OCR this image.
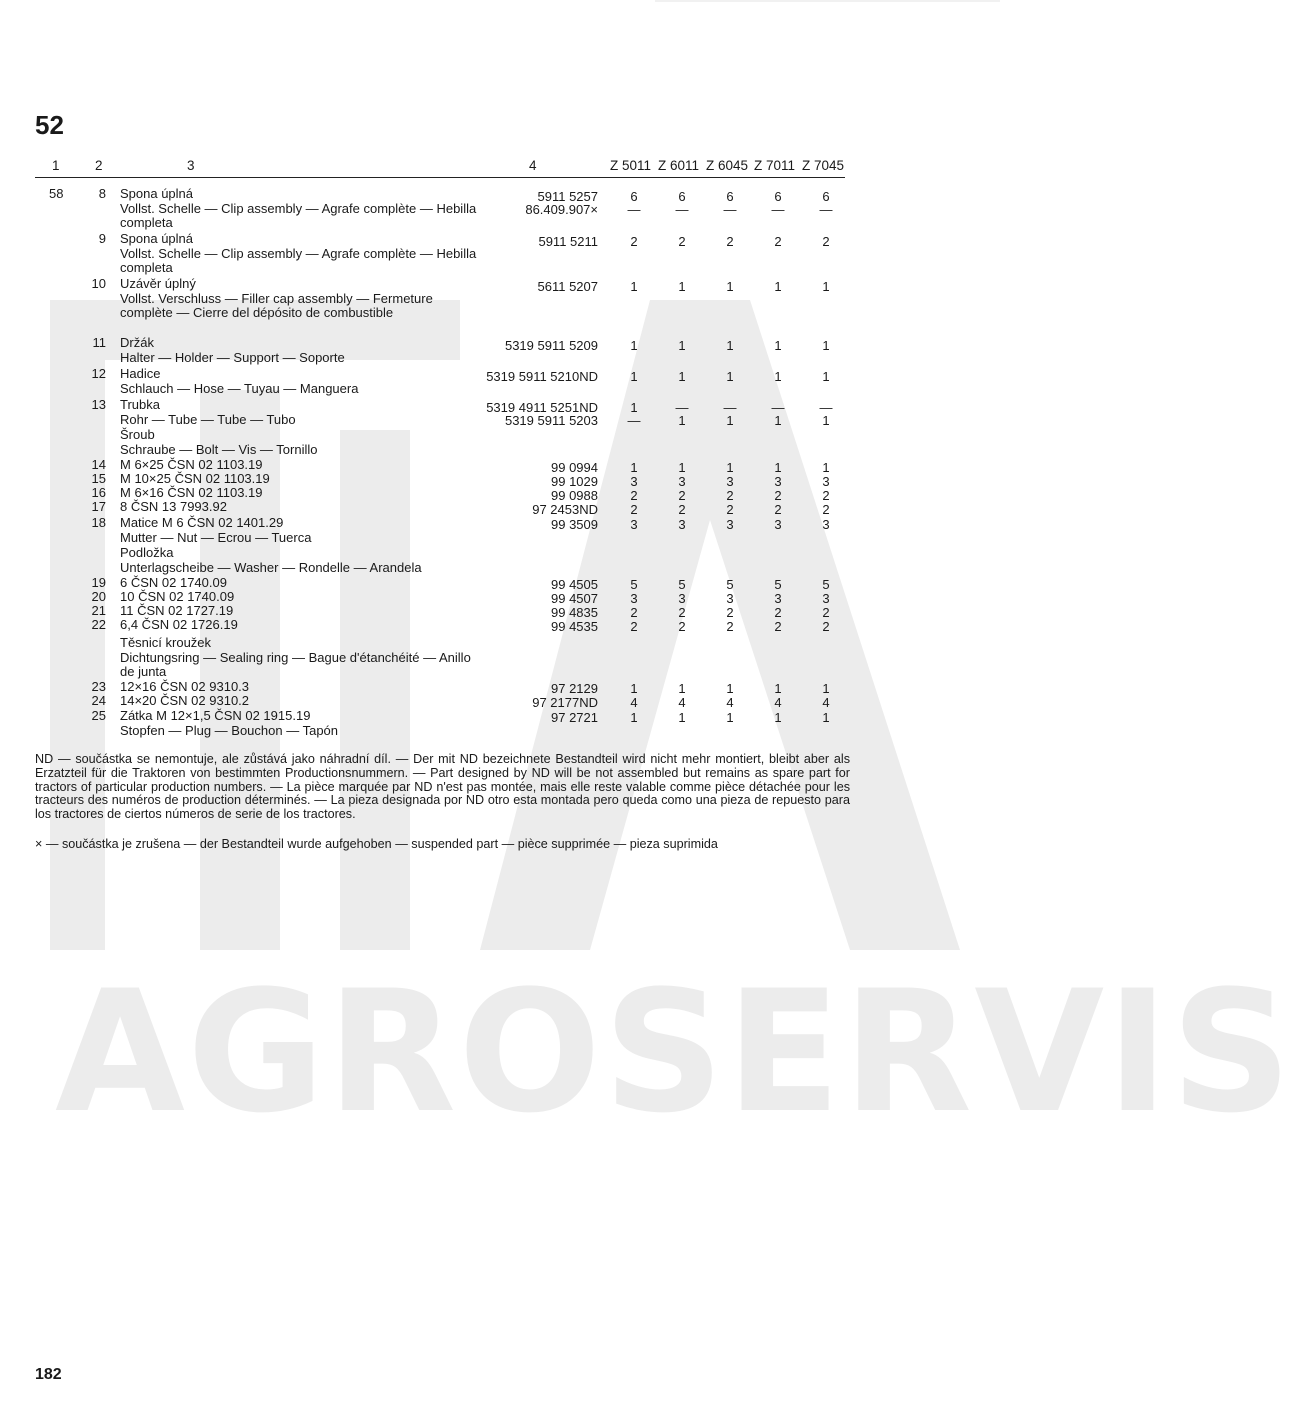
AGROSERVIS
52
1	2	3	4	Z 5011 Z 6011 Z 6045 Z 7011 Z 7045
58	8 Spona úplná
Vollst. Schelle — Clip assembly — Agrafe complète — Hebilla completa
5911 5257	6	6	6	6	6
86.409.907×	—	—	—	—	—
9 Spona úplná
Vollst. Schelle — Clip assembly — Agrafe complète — Hebilla completa
5911 5211	2	2	2	2	2
10 Uzávěr úplný
Vollst. Verschluss — Filler cap assembly — Fermeture complète — Cierre del dépósito de combustible
5611 5207	1	1	1	1	1
11 Držák
Halter — Holder — Support — Soporte
5319 5911 5209	1	1	1	1	1
12 Hadice
Schlauch — Hose — Tuyau — Manguera
5319 5911 5210ND	1	1	1	1	1
13 Trubka
Rohr — Tube — Tube — Tubo
5319 4911 5251ND	1	—	—	—	—
5319 5911 5203	—	1	1	1	1
Šroub
Schraube — Bolt — Vis — Tornillo
14 M 6×25 ČSN 02 1103.19	99 0994	1	1	1	1	1
15 M 10×25 ČSN 02 1103.19	99 1029	3	3	3	3	3
16 M 6×16 ČSN 02 1103.19	99 0988	2	2	2	2	2
17 8 ČSN 13 7993.92	97 2453ND	2	2	2	2	2
18 Matice M 6 ČSN 02 1401.29
Mutter — Nut — Ecrou — Tuerca
99 3509	3	3	3	3	3
Podložka
Unterlagscheibe — Washer — Rondelle — Arandela
19 6 ČSN 02 1740.09	99 4505	5	5	5	5	5
20 10 ČSN 02 1740.09	99 4507	3	3	3	3	3
21 11 ČSN 02 1727.19	99 4835	2	2	2	2	2
22 6,4 ČSN 02 1726.19	99 4535	2	2	2	2	2
Těsnicí kroužek
Dichtungsring — Sealing ring — Bague d'étanchéité — Anillo de junta
23 12×16 ČSN 02 9310.3	97 2129	1	1	1	1	1
24 14×20 ČSN 02 9310.2	97 2177ND	4	4	4	4	4
25 Zátka M 12×1,5 ČSN 02 1915.19
Stopfen — Plug — Bouchon — Tapón
97 2721	1	1	1	1	1
ND — součástka se nemontuje, ale zůstává jako náhradní díl. — Der mit ND bezeichnete Bestandteil wird nicht mehr montiert, bleibt aber als Erzatzteil für die Traktoren von bestimmten Productionsnummern. — Part designed by ND will be not assembled but remains as spare part for tractors of particular production numbers. — La pièce marquée par ND n'est pas montée, mais elle reste valable comme pièce détachée pour les tracteurs des numéros de production déterminés. — La pieza designada por ND otro esta montada pero queda como una pieza de repuesto para los tractores de ciertos números de serie de los tractores.
× — součástka je zrušena — der Bestandteil wurde aufgehoben — suspended part — pièce supprimée — pieza suprimida
182
